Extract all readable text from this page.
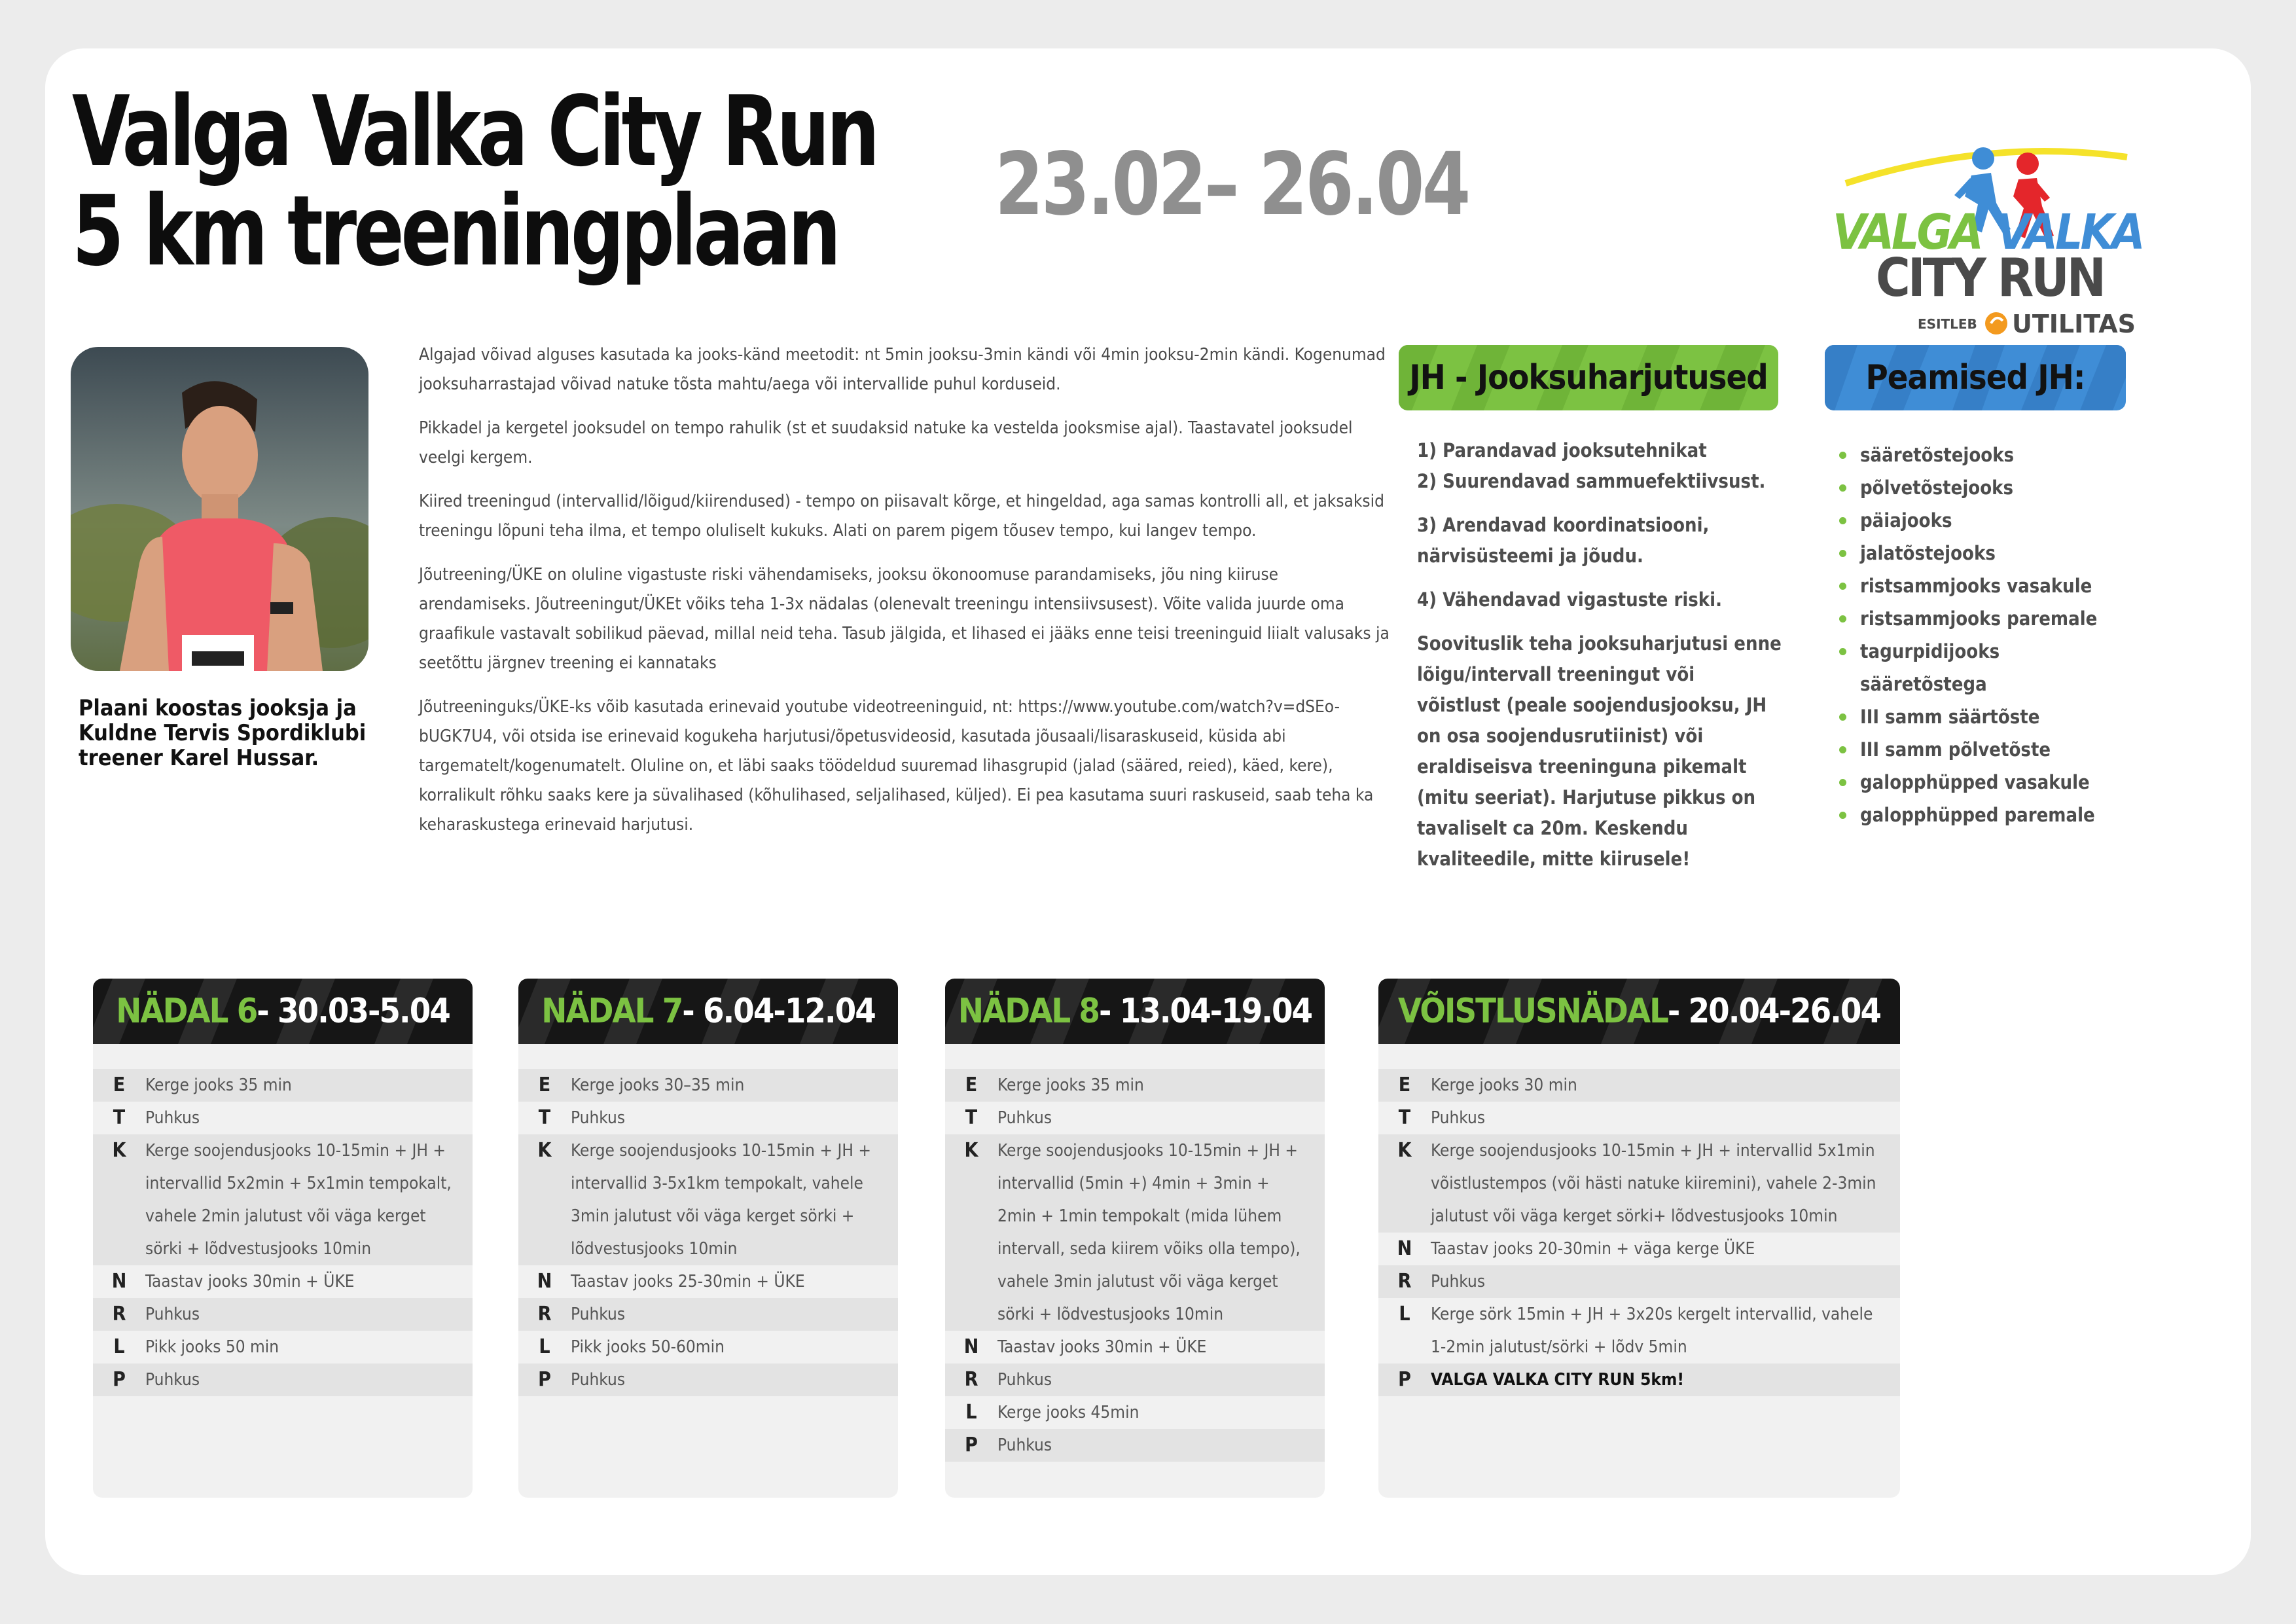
Valga Valka City Run
5 km treeningplaan	23.02– 26.04	VALGA VALKA
CITY RUN
ESITLEB UTILITAS
Plaani koostas jooksja ja Kuldne Tervis Spordiklubi treener Karel Hussar.

Algajad võivad alguses kasutada ka jooks-känd meetodit: nt 5min jooksu-3min kändi või 4min jooksu-2min kändi. Kogenumad jooksuharrastajad võivad natuke tõsta mahtu/aega või intervallide puhul korduseid.

Pikkadel ja kergetel jooksudel on tempo rahulik (st et suudaksid natuke ka vestelda jooksmise ajal). Taastavatel jooksudel veelgi kergem.

Kiired treeningud (intervallid/lõigud/kiirendused) - tempo on piisavalt kõrge, et hingeldad, aga samas kontrolli all, et jaksaksid treeningu lõpuni teha ilma, et tempo oluliselt kukuks. Alati on parem pigem tõusev tempo, kui langev tempo.

Jõutreening/ÜKE on oluline vigastuste riski vähendamiseks, jooksu ökonoomuse parandamiseks, jõu ning kiiruse arendamiseks. Jõutreeningut/ÜKEt võiks teha 1-3x nädalas (olenevalt treeningu intensiivsusest). Võite valida juurde oma graafikule vastavalt sobilikud päevad, millal neid teha. Tasub jälgida, et lihased ei jääks enne teisi treeninguid liialt valusaks ja seetõttu järgnev treening ei kannataks

Jõutreeninguks/ÜKE-ks võib kasutada erinevaid youtube videotreeninguid, nt: https://www.youtube.com/watch?v=dSEo-bUGK7U4, või otsida ise erinevaid kogukeha harjutusi/õpetusvideosid, kasutada jõusaali/lisaraskuseid, küsida abi targematelt/kogenumatelt. Oluline on, et läbi saaks töödeldud suuremad lihasgrupid (jalad (sääred, reied), käed, kere), korralikult rõhku saaks kere ja süvalihased (kõhulihased, seljalihased, küljed). Ei pea kasutama suuri raskuseid, saab teha ka keharaskustega erinevaid harjutusi.

JH - Jooksuharjutused

1) Parandavad jooksutehnikat
2) Suurendavad sammuefektiivsust.

3) Arendavad koordinatsiooni, närvisüsteemi ja jõudu.

4) Vähendavad vigastuste riski.

Soovituslik teha jooksuharjutusi enne lõigu/intervall treeningut või võistlust (peale soojendusjooksu, JH on osa soojendusrutiinist) või eraldiseisva treeninguna pikemalt (mitu seeriat). Harjutuse pikkus on tavaliselt ca 20m. Keskendu kvaliteedile, mitte kiirusele!

Peamised JH:
sääretõstejooks
põlvetõstejooks
päiajooks
jalatõstejooks
ristsammjooks vasakule
ristsammjooks paremale
tagurpidijooks sääretõstega
III samm säärtõste
III samm põlvetõste
galopphüpped vasakule
galopphüpped paremale
NÄDAL 6 - 30.03-5.04
E	Kerge jooks 35 min
T	Puhkus
K	Kerge soojendusjooks 10-15min + JH + intervallid 5x2min + 5x1min tempokalt, vahele 2min jalutust või väga kerget sörki + lõdvestusjooks 10min
N	Taastav jooks 30min + ÜKE
R	Puhkus
L	Pikk jooks 50 min
P	Puhkus
NÄDAL 7 - 6.04-12.04
E	Kerge jooks 30–35 min
T	Puhkus
K	Kerge soojendusjooks 10-15min + JH + intervallid 3-5x1km tempokalt, vahele 3min jalutust või väga kerget sörki + lõdvestusjooks 10min
N	Taastav jooks 25-30min + ÜKE
R	Puhkus
L	Pikk jooks 50-60min
P	Puhkus
NÄDAL 8 - 13.04-19.04
E	Kerge jooks 35 min
T	Puhkus
K	Kerge soojendusjooks 10-15min + JH + intervallid (5min +) 4min + 3min + 2min + 1min tempokalt (mida lühem intervall, seda kiirem võiks olla tempo), vahele 3min jalutust või väga kerget sörki + lõdvestusjooks 10min
N	Taastav jooks 30min + ÜKE
R	Puhkus
L	Kerge jooks 45min
P	Puhkus
VÕISTLUSNÄDAL - 20.04-26.04
E	Kerge jooks 30 min
T	Puhkus
K	Kerge soojendusjooks 10-15min + JH + intervallid 5x1min võistlustempos (või hästi natuke kiiremini), vahele 2-3min jalutust või väga kerget sörki+ lõdvestusjooks 10min
N	Taastav jooks 20-30min + väga kerge ÜKE
R	Puhkus
L	Kerge sörk 15min + JH + 3x20s kergelt intervallid, vahele 1-2min jalutust/sörki + lõdv 5min
P	VALGA VALKA CITY RUN 5km!
